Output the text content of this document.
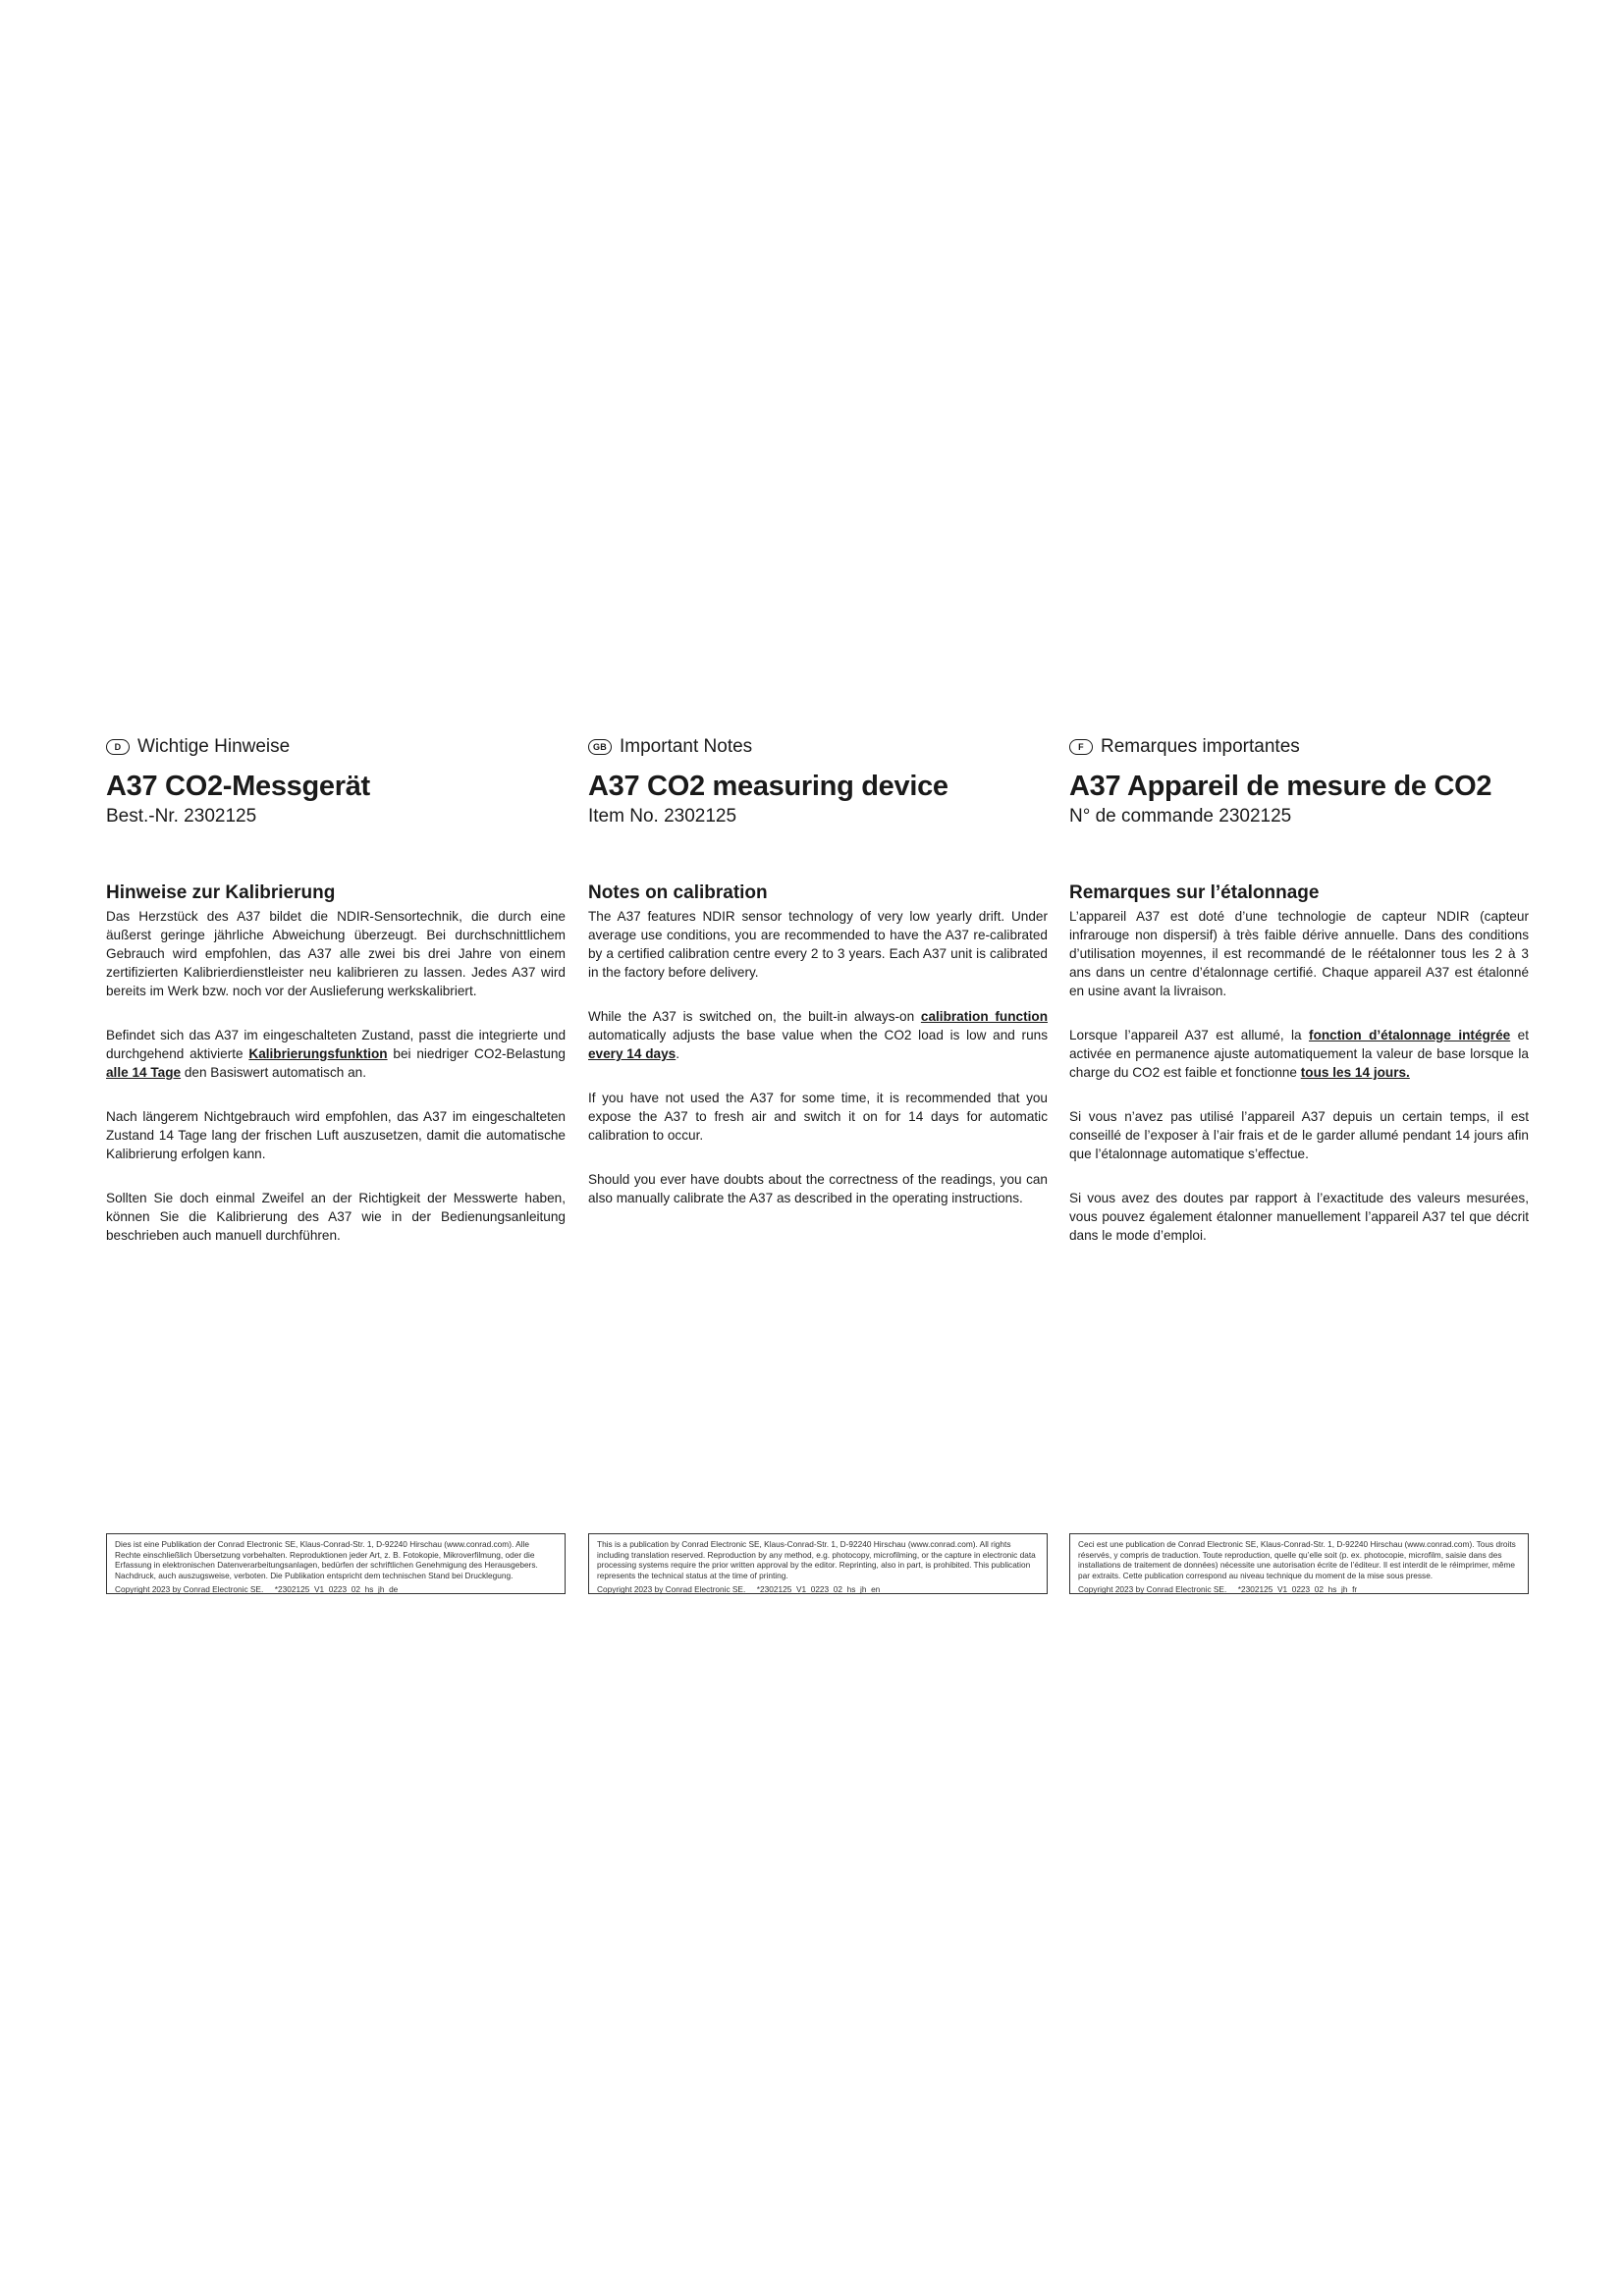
D Wichtige Hinweise
A37 CO2-Messgerät
Best.-Nr. 2302125
Hinweise zur Kalibrierung

Das Herzstück des A37 bildet die NDIR-Sensortechnik, die durch eine äußerst geringe jährliche Abweichung überzeugt. Bei durchschnittlichem Gebrauch wird empfohlen, das A37 alle zwei bis drei Jahre von einem zertifizierten Kalibrierdienstleister neu kalibrieren zu lassen. Jedes A37 wird bereits im Werk bzw. noch vor der Auslieferung werkskalibriert.

Befindet sich das A37 im eingeschalteten Zustand, passt die integrierte und durchgehend aktivierte Kalibrierungsfunktion bei niedriger CO2-Belastung alle 14 Tage den Basiswert automatisch an.

Nach längerem Nichtgebrauch wird empfohlen, das A37 im eingeschalteten Zustand 14 Tage lang der frischen Luft auszusetzen, damit die automatische Kalibrierung erfolgen kann.

Sollten Sie doch einmal Zweifel an der Richtigkeit der Messwerte haben, können Sie die Kalibrierung des A37 wie in der Bedienungsanleitung beschrieben auch manuell durchführen.

GB Important Notes
A37 CO2 measuring device
Item No. 2302125
Notes on calibration

The A37 features NDIR sensor technology of very low yearly drift. Under average use conditions, you are recommended to have the A37 re-calibrated by a certified calibration centre every 2 to 3 years. Each A37 unit is calibrated in the factory before delivery.

While the A37 is switched on, the built-in always-on calibration function automatically adjusts the base value when the CO2 load is low and runs every 14 days.

If you have not used the A37 for some time, it is recommended that you expose the A37 to fresh air and switch it on for 14 days for automatic calibration to occur.

Should you ever have doubts about the correctness of the readings, you can also manually calibrate the A37 as described in the operating instructions.

F Remarques importantes
A37 Appareil de mesure de CO2
N° de commande 2302125
Remarques sur l’étalonnage

L’appareil A37 est doté d’une technologie de capteur NDIR (capteur infrarouge non dispersif) à très faible dérive annuelle. Dans des conditions d’utilisation moyennes, il est recommandé de le réétalonner tous les 2 à 3 ans dans un centre d’étalonnage certifié. Chaque appareil A37 est étalonné en usine avant la livraison.

Lorsque l’appareil A37 est allumé, la fonction d’étalonnage intégrée et activée en permanence ajuste automatiquement la valeur de base lorsque la charge du CO2 est faible et fonctionne tous les 14 jours.

Si vous n’avez pas utilisé l’appareil A37 depuis un certain temps, il est conseillé de l’exposer à l’air frais et de le garder allumé pendant 14 jours afin que l’étalonnage automatique s’effectue.

Si vous avez des doutes par rapport à l’exactitude des valeurs mesurées, vous pouvez également étalonner manuellement l’appareil A37 tel que décrit dans le mode d’emploi.

Dies ist eine Publikation der Conrad Electronic SE, Klaus-Conrad-Str. 1, D-92240 Hirschau (www.conrad.com). Alle Rechte einschließlich Übersetzung vorbehalten. Reproduktionen jeder Art, z. B. Fotokopie, Mikroverfilmung, oder die Erfassung in elektronischen Datenverarbeitungsanlagen, bedürfen der schriftlichen Genehmigung des Herausgebers. Nachdruck, auch auszugsweise, verboten. Die Publikation entspricht dem technischen Stand bei Drucklegung.
Copyright 2023 by Conrad Electronic SE.     *2302125_V1_0223_02_hs_jh_de
This is a publication by Conrad Electronic SE, Klaus-Conrad-Str. 1, D-92240 Hirschau (www.conrad.com). All rights including translation reserved. Reproduction by any method, e.g. photocopy, microfilming, or the capture in electronic data processing systems require the prior written approval by the editor. Reprinting, also in part, is prohibited. This publication represents the technical status at the time of printing.
Copyright 2023 by Conrad Electronic SE.     *2302125_V1_0223_02_hs_jh_en
Ceci est une publication de Conrad Electronic SE, Klaus-Conrad-Str. 1, D-92240 Hirschau (www.conrad.com). Tous droits réservés, y compris de traduction. Toute reproduction, quelle qu’elle soit (p. ex. photocopie, microfilm, saisie dans des installations de traitement de données) nécessite une autorisation écrite de l’éditeur. Il est interdit de le réimprimer, même par extraits. Cette publication correspond au niveau technique du moment de la mise sous presse.
Copyright 2023 by Conrad Electronic SE.     *2302125_V1_0223_02_hs_jh_fr
